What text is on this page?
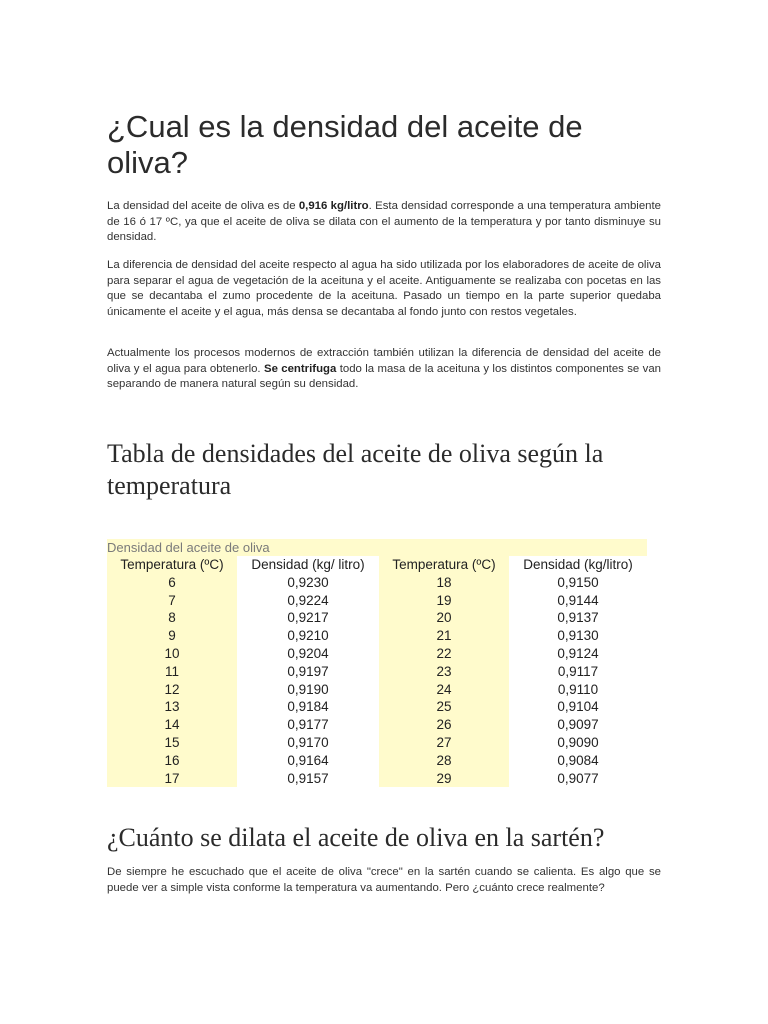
¿Cual es la densidad del aceite de oliva?

La densidad del aceite de oliva es de 0,916 kg/litro. Esta densidad corresponde a una temperatura ambiente de 16 ó 17 ºC, ya que el aceite de oliva se dilata con el aumento de la temperatura y por tanto disminuye su densidad.

La diferencia de densidad del aceite respecto al agua ha sido utilizada por los elaboradores de aceite de oliva para separar el agua de vegetación de la aceituna y el aceite. Antiguamente se realizaba con pocetas en las que se decantaba el zumo procedente de la aceituna. Pasado un tiempo en la parte superior quedaba únicamente el aceite y el agua, más densa se decantaba al fondo junto con restos vegetales.

Actualmente los procesos modernos de extracción también utilizan la diferencia de densidad del aceite de oliva y el agua para obtenerlo. Se centrifuga todo la masa de la aceituna y los distintos componentes se van separando de manera natural según su densidad.

Tabla de densidades del aceite de oliva según la temperatura
Densidad del aceite de oliva			
Temperatura (ºC)	Densidad (kg/ litro)	Temperatura (ºC)	Densidad (kg/litro)
6	0,9230	18	0,9150
7	0,9224	19	0,9144
8	0,9217	20	0,9137
9	0,9210	21	0,9130
10	0,9204	22	0,9124
11	0,9197	23	0,9117
12	0,9190	24	0,9110
13	0,9184	25	0,9104
14	0,9177	26	0,9097
15	0,9170	27	0,9090
16	0,9164	28	0,9084
17	0,9157	29	0,9077
¿Cuánto se dilata el aceite de oliva en la sartén?

De siempre he escuchado que el aceite de oliva "crece" en la sartén cuando se calienta. Es algo que se puede ver a simple vista conforme la temperatura va aumentando. Pero ¿cuánto crece realmente?
